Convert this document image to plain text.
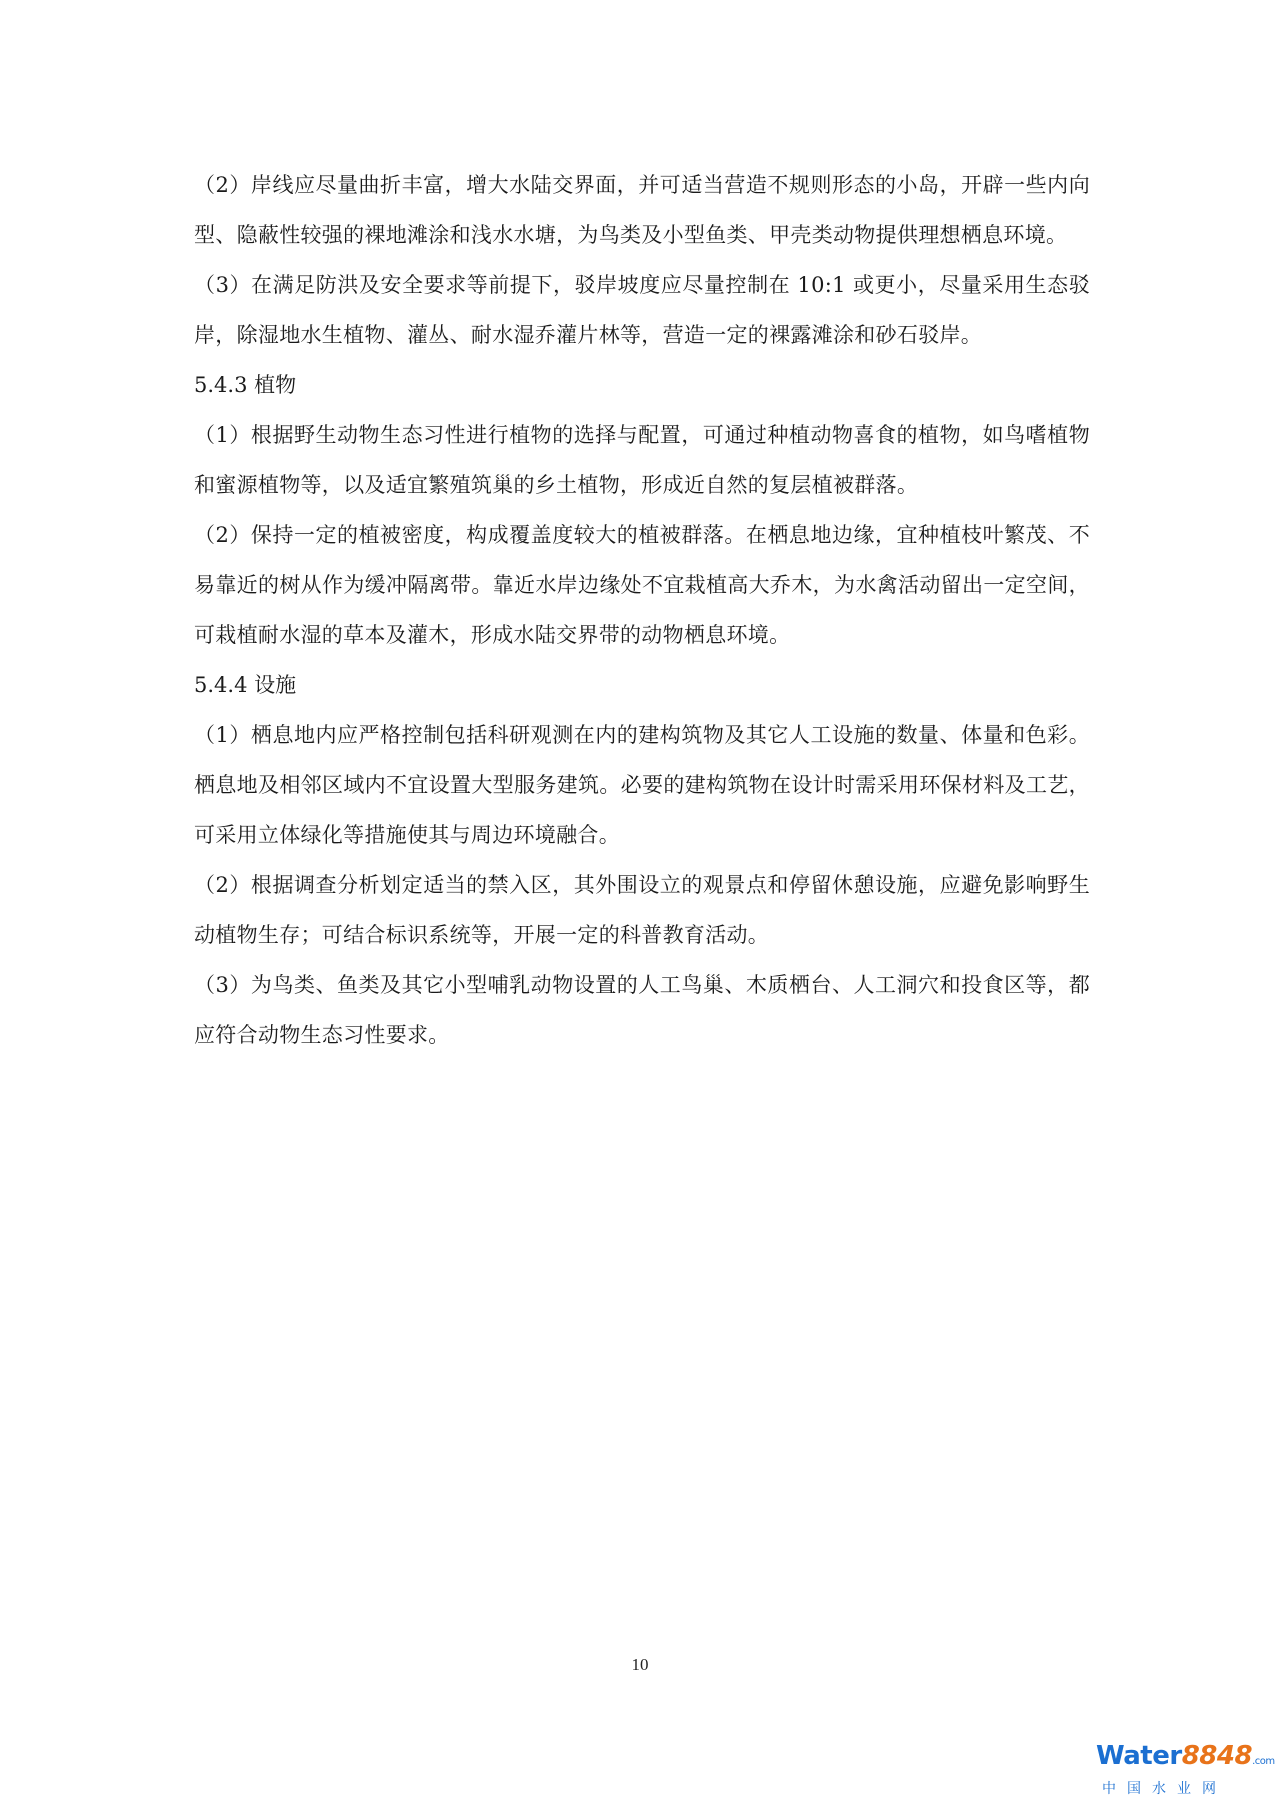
（2）岸线应尽量曲折丰富，增大水陆交界面，并可适当营造不规则形态的小岛，开辟一些内向型、隐蔽性较强的裸地滩涂和浅水水塘，为鸟类及小型鱼类、甲壳类动物提供理想栖息环境。

（3）在满足防洪及安全要求等前提下，驳岸坡度应尽量控制在 10:1 或更小，尽量采用生态驳岸，除湿地水生植物、灌丛、耐水湿乔灌片林等，营造一定的裸露滩涂和砂石驳岸。

5.4.3 植物

（1）根据野生动物生态习性进行植物的选择与配置，可通过种植动物喜食的植物，如鸟嗜植物和蜜源植物等，以及适宜繁殖筑巢的乡土植物，形成近自然的复层植被群落。

（2）保持一定的植被密度，构成覆盖度较大的植被群落。在栖息地边缘，宜种植枝叶繁茂、不易靠近的树从作为缓冲隔离带。靠近水岸边缘处不宜栽植高大乔木，为水禽活动留出一定空间，可栽植耐水湿的草本及灌木，形成水陆交界带的动物栖息环境。

5.4.4 设施

（1）栖息地内应严格控制包括科研观测在内的建构筑物及其它人工设施的数量、体量和色彩。栖息地及相邻区域内不宜设置大型服务建筑。必要的建构筑物在设计时需采用环保材料及工艺，可采用立体绿化等措施使其与周边环境融合。

（2）根据调查分析划定适当的禁入区，其外围设立的观景点和停留休憩设施，应避免影响野生动植物生存；可结合标识系统等，开展一定的科普教育活动。

（3）为鸟类、鱼类及其它小型哺乳动物设置的人工鸟巢、木质栖台、人工洞穴和投食区等，都应符合动物生态习性要求。

10
Water8848.com
中国水业网
